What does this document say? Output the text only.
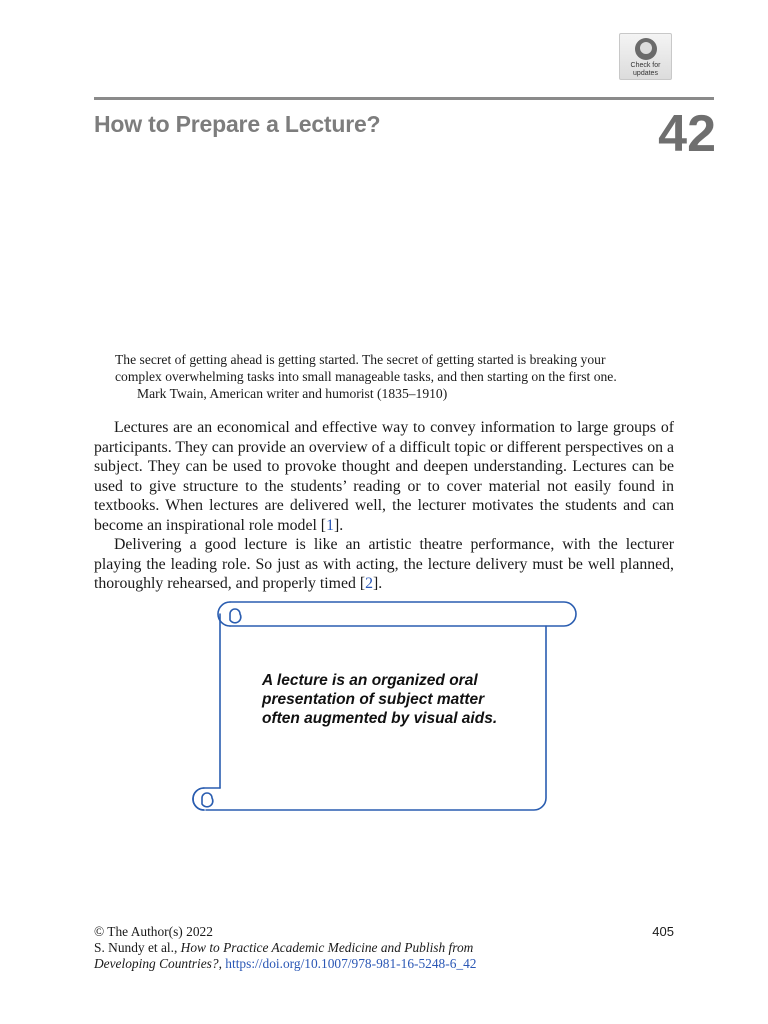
Check for
updates
How to Prepare a Lecture?	42
The secret of getting ahead is getting started. The secret of getting started is breaking your
complex overwhelming tasks into small manageable tasks, and then starting on the first one.
Mark Twain, American writer and humorist (1835–1910)

Lectures are an economical and effective way to convey information to large groups of participants. They can provide an overview of a difficult topic or different perspectives on a subject. They can be used to provoke thought and deepen understanding. Lectures can be used to give structure to the students’ reading or to cover material not easily found in textbooks. When lectures are delivered well, the lecturer motivates the students and can become an inspirational role model [1].

Delivering a good lecture is like an artistic theatre performance, with the lecturer playing the leading role. So just as with acting, the lecture delivery must be well planned, thoroughly rehearsed, and properly timed [2].

A lecture is an organized oral presentation of subject matter often augmented by visual aids.
© The Author(s) 2022
S. Nundy et al., How to Practice Academic Medicine and Publish from
Developing Countries?, https://doi.org/10.1007/978-981-16-5248-6_42
405
